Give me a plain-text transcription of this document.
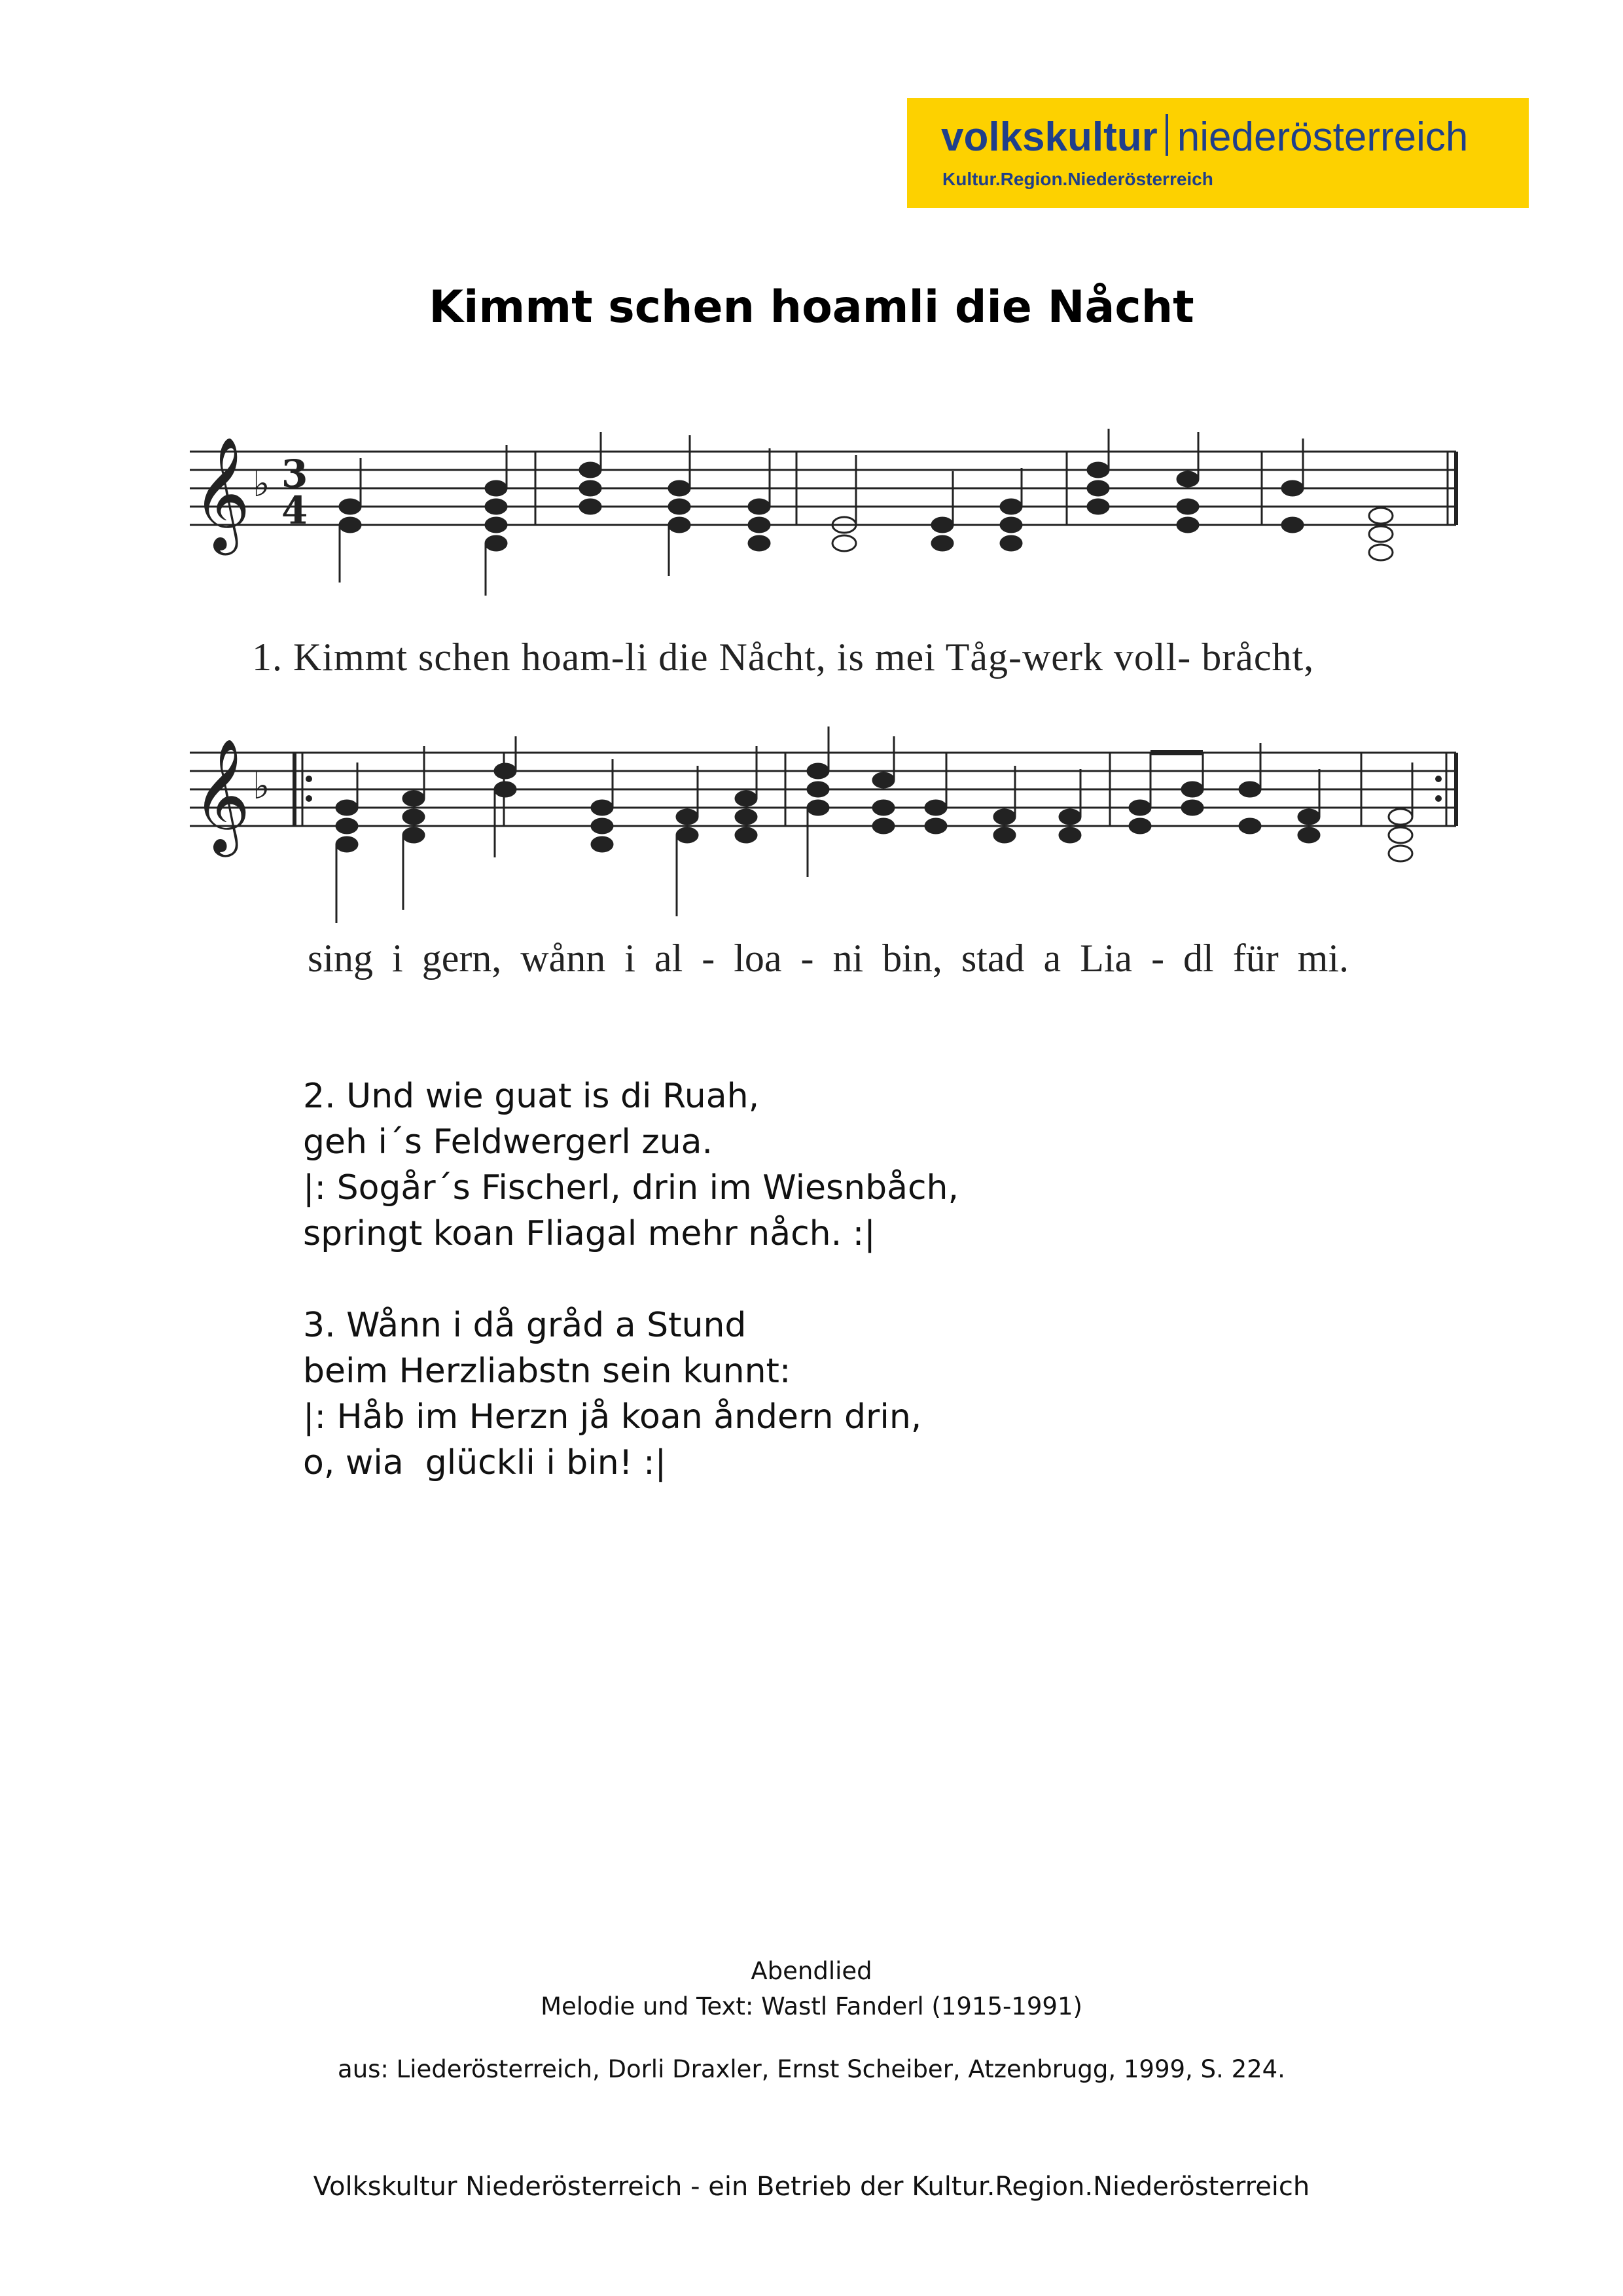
volkskultur niederösterreich
Kultur.Region.Niederösterreich
Kimmt schen hoamli die Nåcht
𝄞 ♭ 3
4
1. Kimmt schen hoam-li die Nåcht, is mei Tåg-werk voll- bråcht,
𝄞 ♭
sing i gern, wånn i al - loa - ni bin, stad a Lia - dl für mi.
2. Und wie guat is di Ruah,
geh i´s Feldwergerl zua.
|: Sogår´s Fischerl, drin im Wiesnbåch,
springt koan Fliagal mehr nåch. :|
3. Wånn i då gråd a Stund
beim Herzliabstn sein kunnt:
|: Håb im Herzn jå koan åndern drin,
o, wia  glückli i bin! :|
Abendlied
Melodie und Text: Wastl Fanderl (1915-1991)
aus: Liederösterreich, Dorli Draxler, Ernst Scheiber, Atzenbrugg, 1999, S. 224.
Volkskultur Niederösterreich - ein Betrieb der Kultur.Region.Niederösterreich
